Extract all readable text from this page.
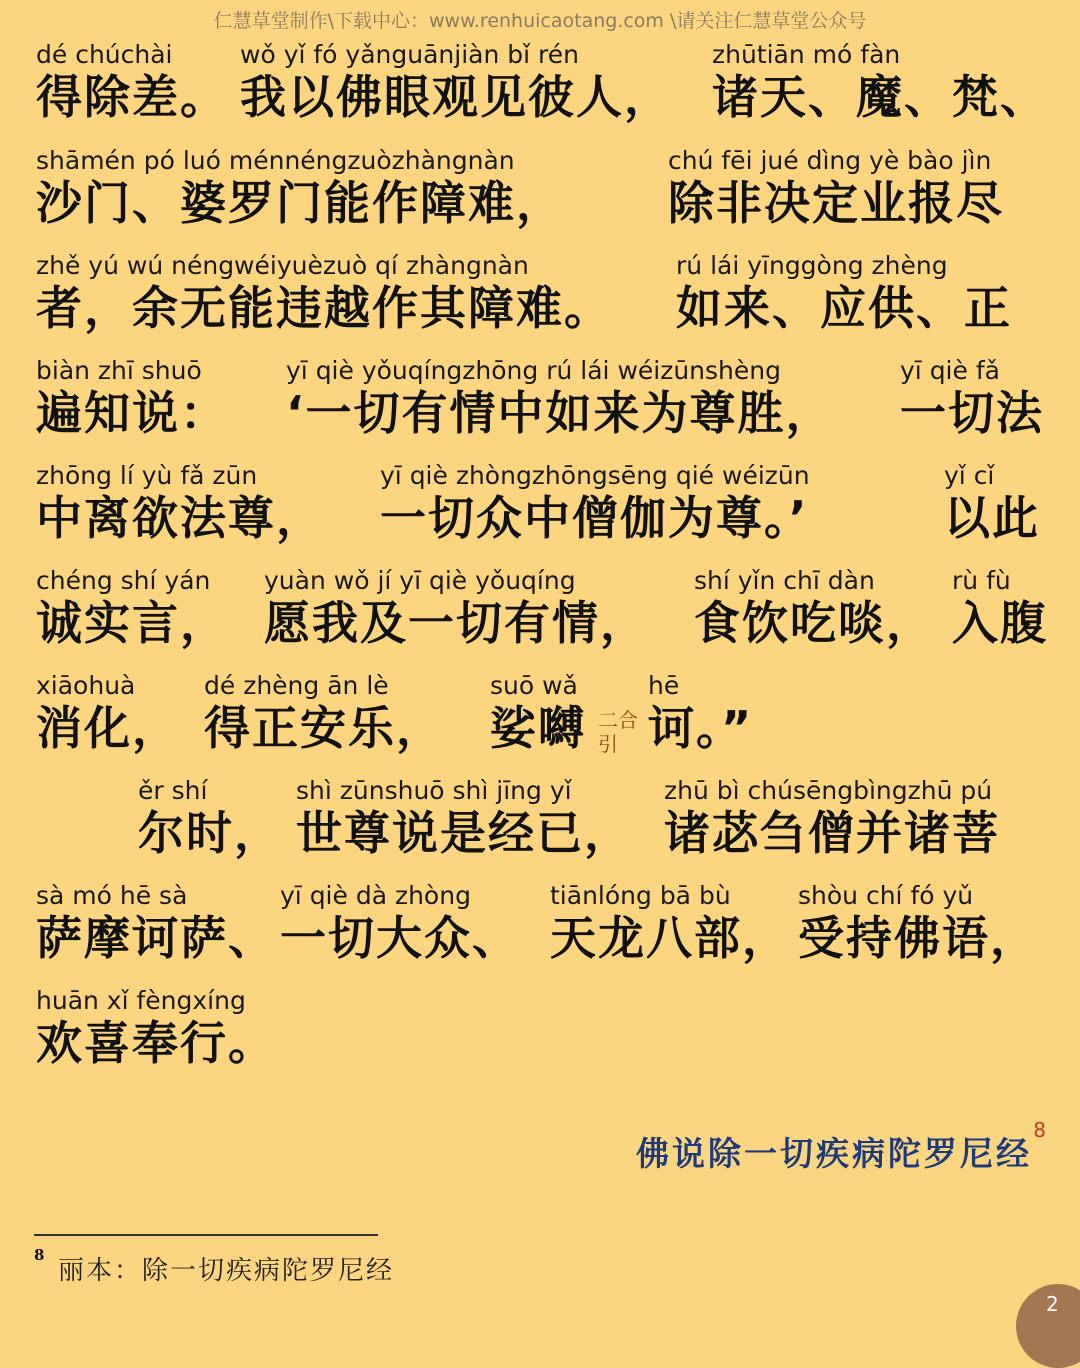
仁慧草堂制作\下载中心：www.renhuicaotang.com \请关注仁慧草堂公众号
dé chúchài
得除差。
wǒ yǐ fó yǎnguānjiàn bǐ rén
我以佛眼观见彼人，
zhūtiān mó fàn
诸天、魔、梵、
shāmén pó luó ménnéngzuòzhàngnàn
沙门、婆罗门能作障难，
chú fēi jué dìng yè bào jìn
除非决定业报尽
zhě yú wú néngwéiyuèzuò qí zhàngnàn
者，余无能违越作其障难。
rú lái yīnggòng zhèng
如来、应供、正
biàn zhī shuō
遍知说：
yī qiè yǒuqíngzhōng rú lái wéizūnshèng
‘一切有情中如来为尊胜，
yī qiè fǎ
一切法
zhōng lí yù fǎ zūn
中离欲法尊，
yī qiè zhòngzhōngsēng qié wéizūn
一切众中僧伽为尊。’
yǐ cǐ
以此
chéng shí yán
诚实言，
yuàn wǒ jí yī qiè yǒuqíng
愿我及一切有情，
shí yǐn chī dàn
食饮吃啖，
rù fù
入腹
xiāohuà
消化，
dé zhèng ān lè
得正安乐，
suō wǎ
娑嚩
hē
诃。”
二合
引
ěr shí
尔时，
shì zūnshuō shì jīng yǐ
世尊说是经已，
zhū bì chúsēngbìngzhū pú
诸苾刍僧并诸菩
sà mó hē sà
萨摩诃萨、
yī qiè dà zhòng
一切大众、
tiānlóng bā bù
天龙八部，
shòu chí fó yǔ
受持佛语，
huān xǐ fèngxíng
欢喜奉行。
佛说除一切疾病陀罗尼经
8
8
丽本：除一切疾病陀罗尼经
2
